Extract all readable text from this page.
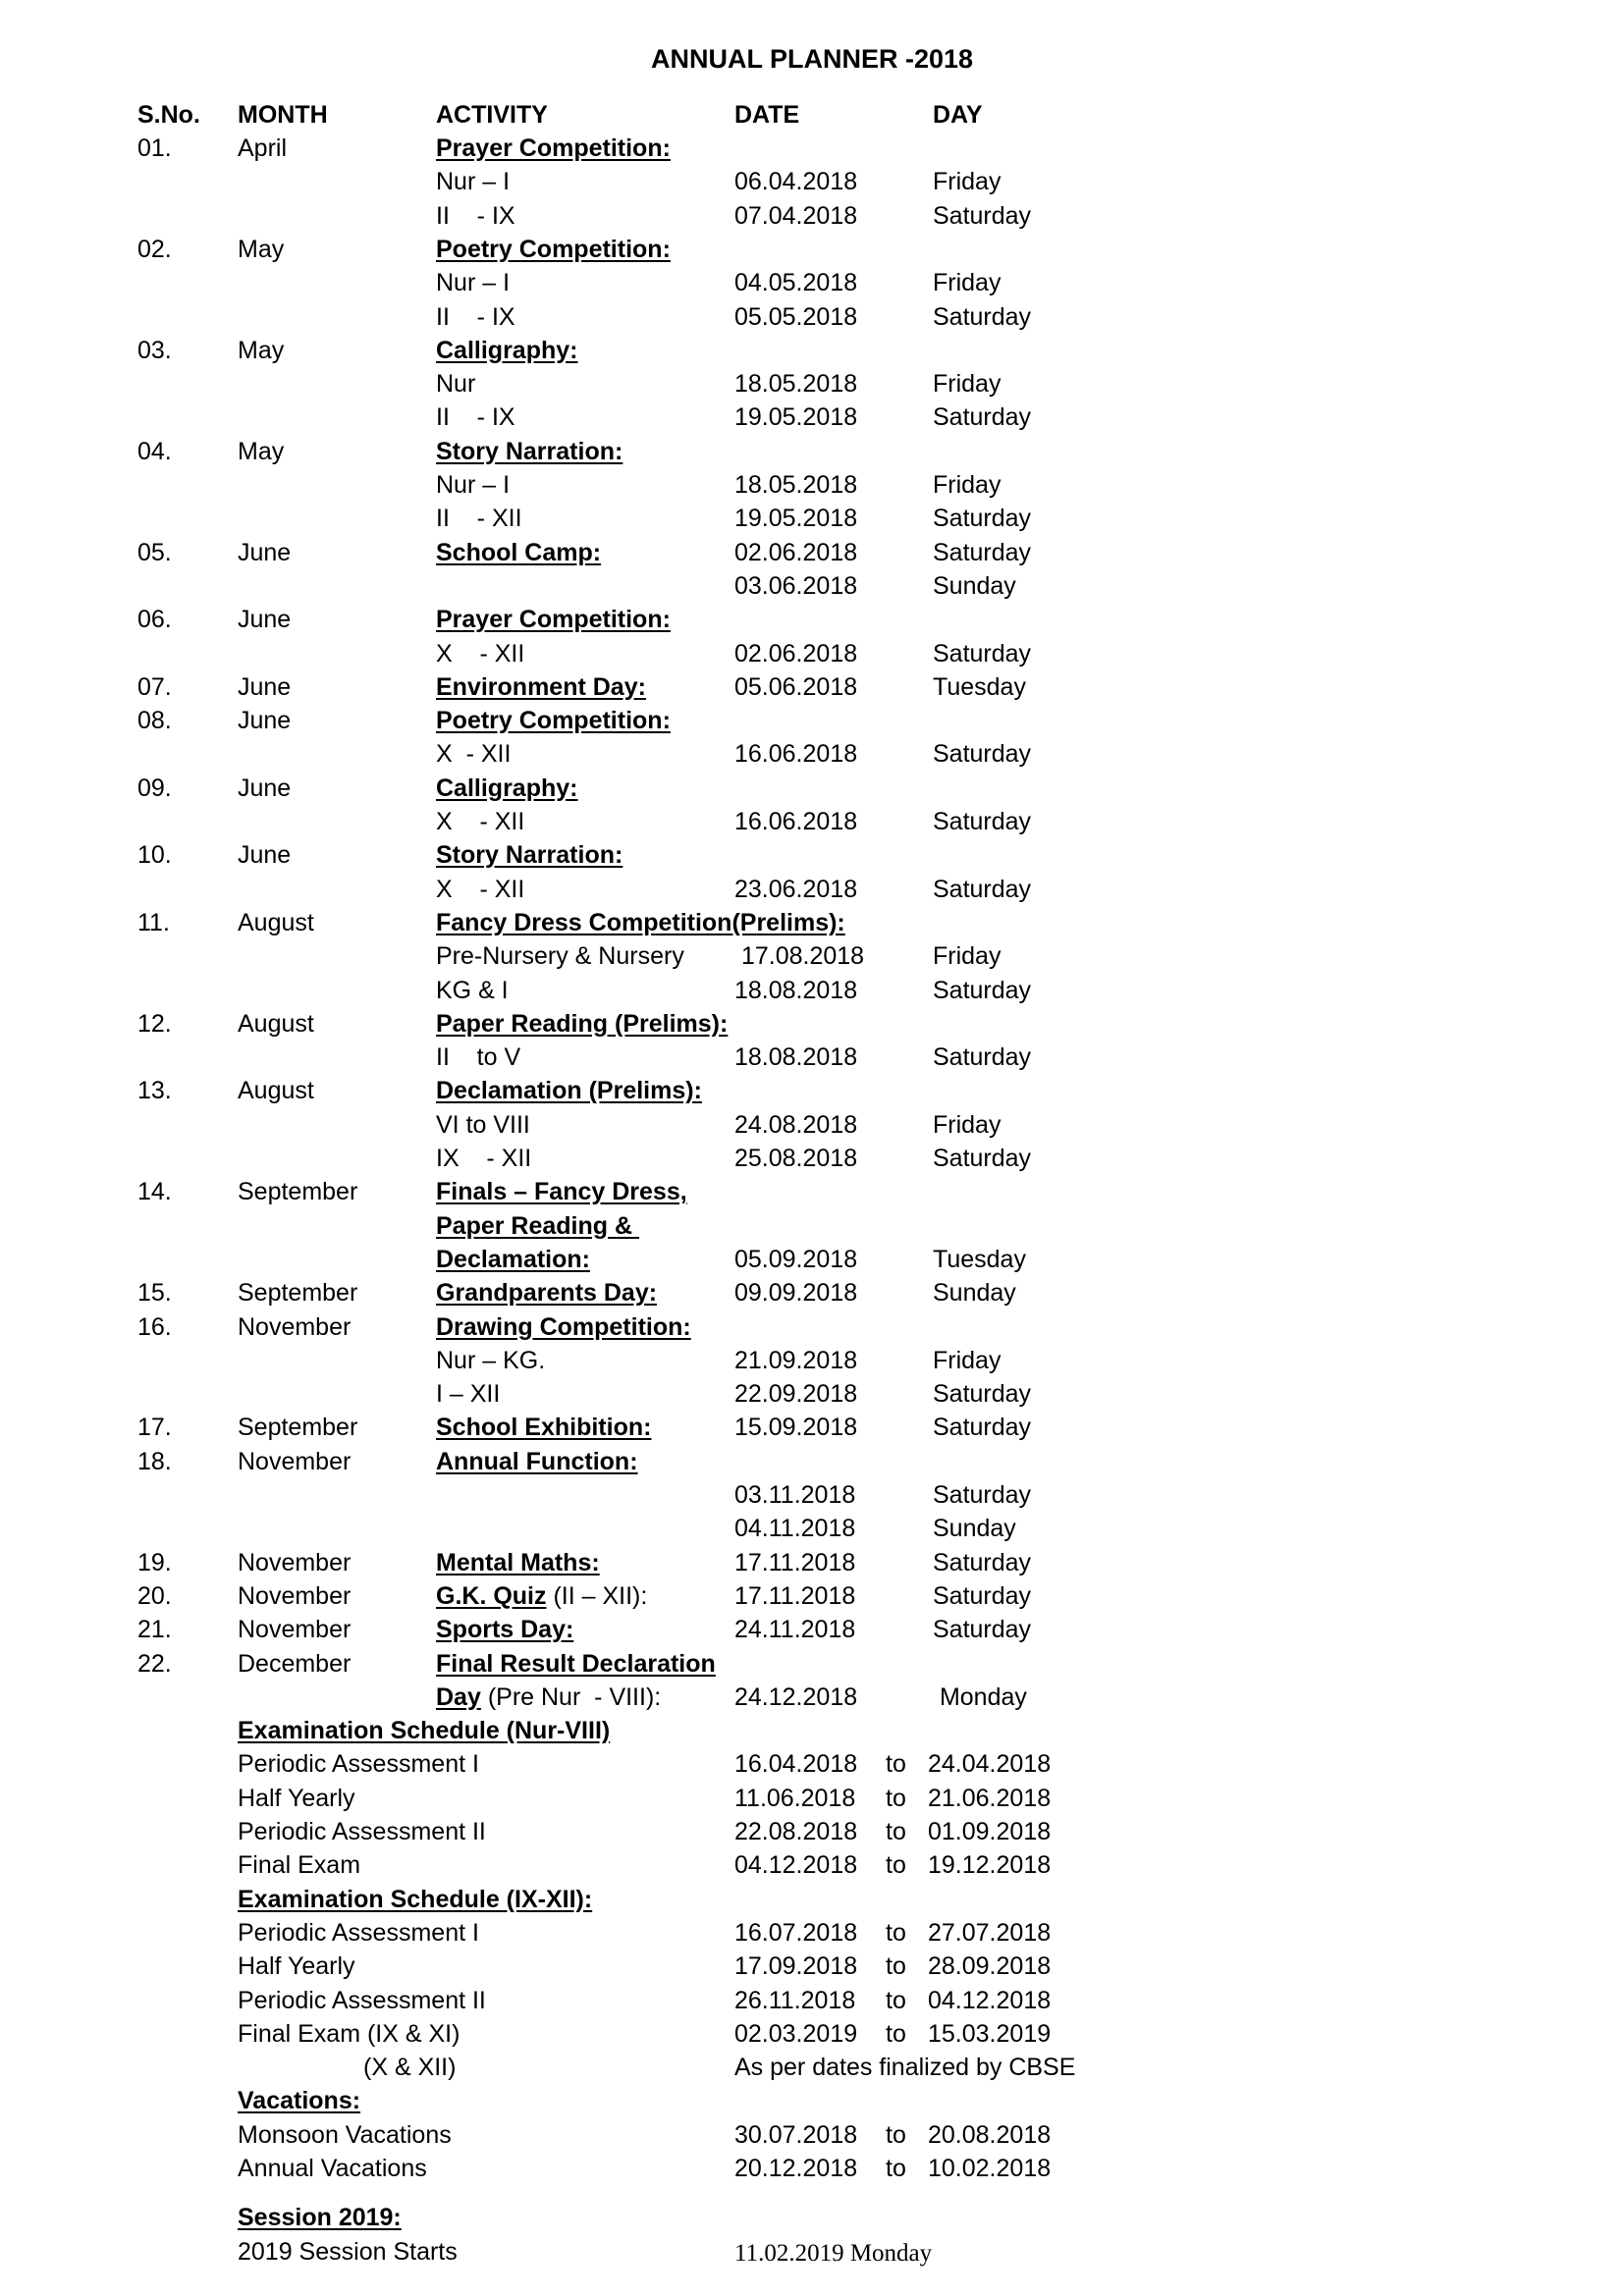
ANNUAL PLANNER -2018
S.No. MONTH	ACTIVITY	DATE	DAY
01.	April	Prayer Competition:
Nur – I	06.04.2018	Friday
II    - IX	07.04.2018	Saturday
02.	May	Poetry Competition:
Nur – I	04.05.2018	Friday
II    - IX	05.05.2018	Saturday
03.	May	Calligraphy:
Nur	18.05.2018	Friday
II    - IX	19.05.2018	Saturday
04.	May	Story Narration:
Nur – I	18.05.2018	Friday
II    - XII	19.05.2018	Saturday
05.	June	School Camp:	02.06.2018	Saturday
03.06.2018	Sunday
06.	June	Prayer Competition:
X    - XII	02.06.2018	Saturday
07.	June	Environment Day:	05.06.2018	Tuesday
08.	June	Poetry Competition:
X  - XII	16.06.2018	Saturday
09.	June	Calligraphy:
X    - XII	16.06.2018	Saturday
10.	June	Story Narration:
X    - XII	23.06.2018	Saturday
11.	August	Fancy Dress Competition(Prelims):
Pre-Nursery & Nursery 17.08.2018	Friday
KG & I	18.08.2018	Saturday
12.	August	Paper Reading (Prelims):
II    to V	18.08.2018	Saturday
13.	August	Declamation (Prelims):
VI to VIII	24.08.2018	Friday
IX    - XII	25.08.2018	Saturday
14.	September	Finals – Fancy Dress,
Paper Reading &
Declamation:	05.09.2018	Tuesday
15.	September	Grandparents Day:	09.09.2018	Sunday
16.	November	Drawing Competition:
Nur – KG.	21.09.2018	Friday
I – XII	22.09.2018	Saturday
17.	September	School Exhibition:	15.09.2018	Saturday
18.	November	Annual Function:
03.11.2018	Saturday
04.11.2018	Sunday
19.	November	Mental Maths:	17.11.2018	Saturday
20.	November	G.K. Quiz (II – XII):	17.11.2018	Saturday
21.	November	Sports Day:	24.11.2018	Saturday
22.	December	Final Result Declaration
Day (Pre Nur  - VIII):	24.12.2018	Monday
Examination Schedule (Nur-VIII)
Periodic Assessment I	16.04.2018 to 24.04.2018
Half Yearly	11.06.2018 to 21.06.2018
Periodic Assessment II	22.08.2018 to 01.09.2018
Final Exam	04.12.2018 to 19.12.2018
Examination Schedule (IX-XII):
Periodic Assessment I	16.07.2018 to 27.07.2018
Half Yearly	17.09.2018 to 28.09.2018
Periodic Assessment II	26.11.2018 to 04.12.2018
Final Exam (IX & XI)	02.03.2019 to 15.03.2019
(X & XII)	As per dates finalized by CBSE
Vacations:
Monsoon Vacations	30.07.2018 to 20.08.2018
Annual Vacations	20.12.2018 to 10.02.2018
Session 2019:
2019 Session Starts	11.02.2019 Monday
